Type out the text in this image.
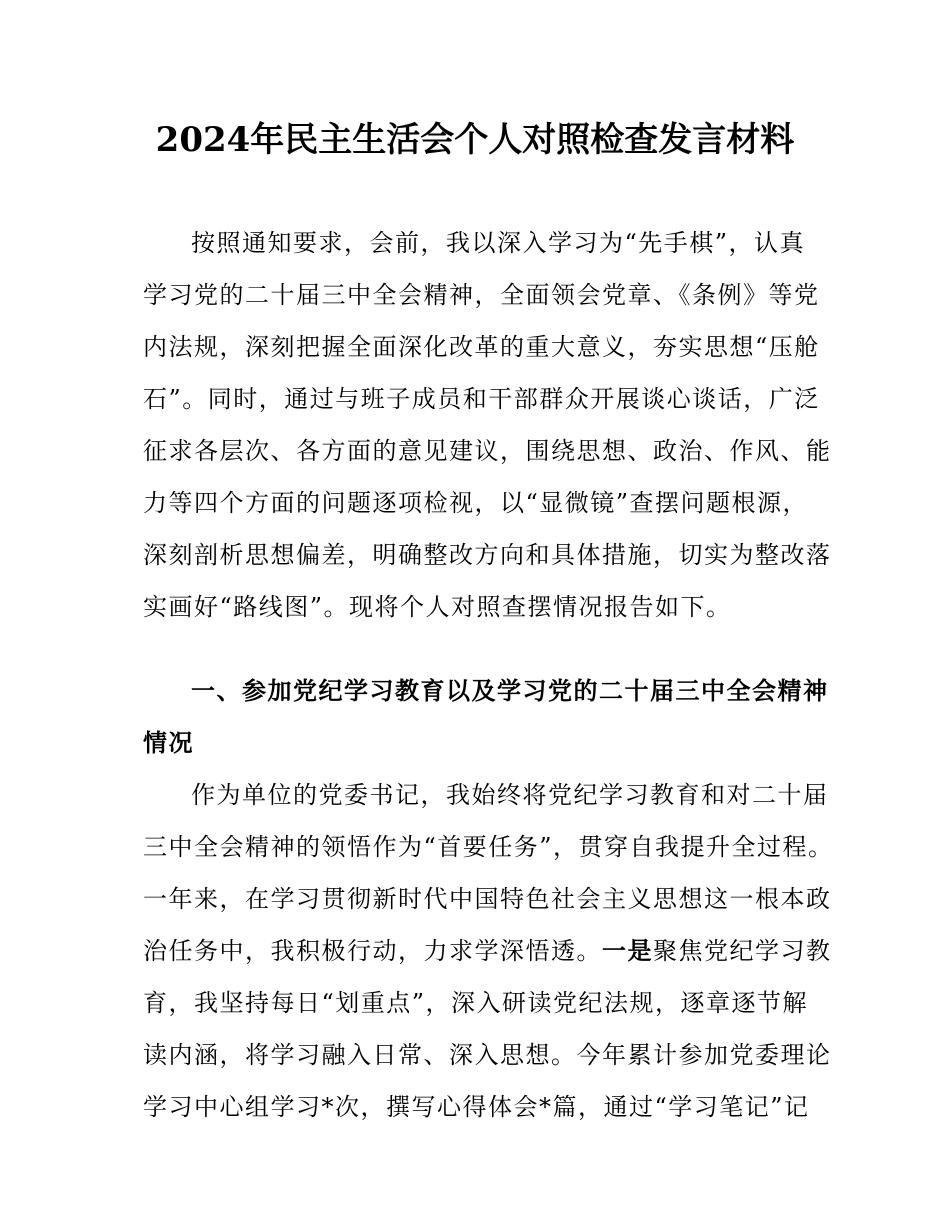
2024年民主生活会个人对照检查发言材料
按照通知要求，会前，我以深入学习为“先手棋”，认真
学习党的二十届三中全会精神，全面领会党章、《条例》等党
内法规，深刻把握全面深化改革的重大意义，夯实思想“压舱
石”。同时，通过与班子成员和干部群众开展谈心谈话，广泛
征求各层次、各方面的意见建议，围绕思想、政治、作风、能
力等四个方面的问题逐项检视，以“显微镜”查摆问题根源，
深刻剖析思想偏差，明确整改方向和具体措施，切实为整改落
实画好“路线图”。现将个人对照查摆情况报告如下。
一、参加党纪学习教育以及学习党的二十届三中全会精神
情况
作为单位的党委书记，我始终将党纪学习教育和对二十届
三中全会精神的领悟作为“首要任务”，贯穿自我提升全过程。
一年来，在学习贯彻新时代中国特色社会主义思想这一根本政
治任务中，我积极行动，力求学深悟透。一是聚焦党纪学习教
育，我坚持每日“划重点”，深入研读党纪法规，逐章逐节解
读内涵，将学习融入日常、深入思想。今年累计参加党委理论
学习中心组学习*次，撰写心得体会*篇，通过“学习笔记”记
